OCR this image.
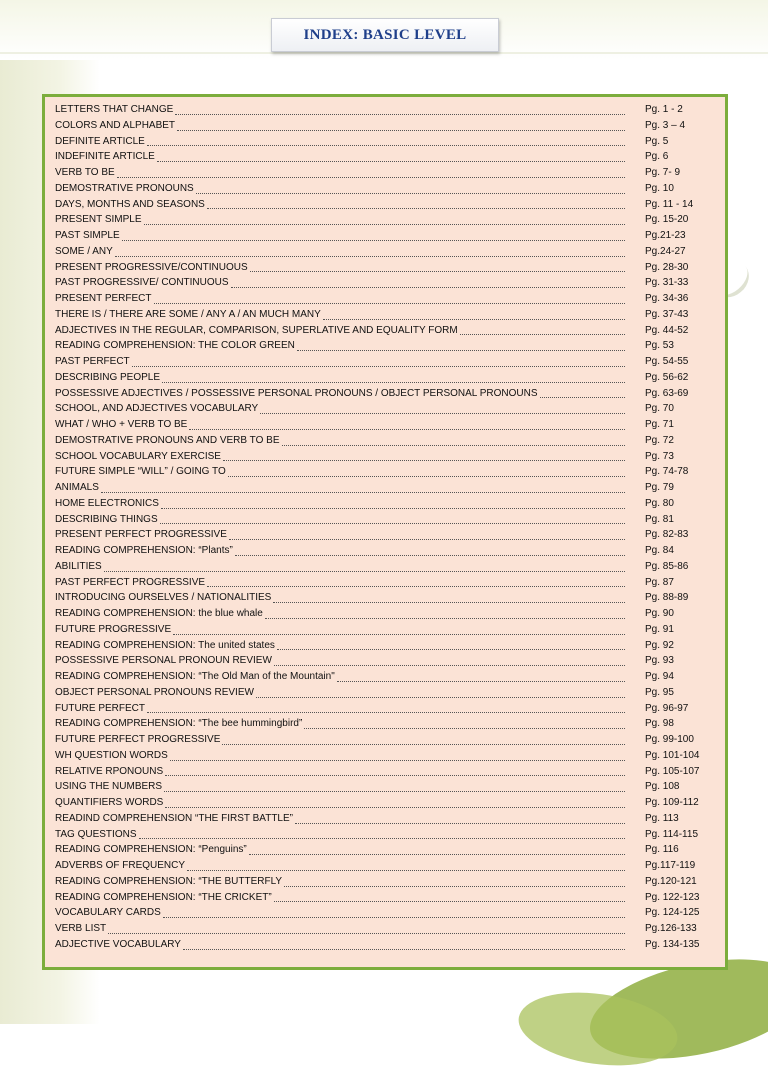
INDEX: BASIC LEVEL
LETTERS THAT CHANGE	Pg. 1 - 2
COLORS AND ALPHABET	Pg. 3 – 4
DEFINITE ARTICLE	Pg. 5
INDEFINITE ARTICLE	Pg. 6
VERB TO BE	Pg. 7- 9
DEMOSTRATIVE PRONOUNS	Pg. 10
DAYS, MONTHS AND SEASONS	Pg. 11 - 14
PRESENT SIMPLE	Pg. 15-20
PAST SIMPLE	Pg.21-23
SOME / ANY	Pg.24-27
PRESENT PROGRESSIVE/CONTINUOUS	Pg. 28-30
PAST PROGRESSIVE/ CONTINUOUS	Pg. 31-33
PRESENT PERFECT	Pg. 34-36
THERE IS / THERE ARE SOME / ANY A / AN MUCH MANY	Pg. 37-43
ADJECTIVES IN THE REGULAR, COMPARISON, SUPERLATIVE AND EQUALITY FORM	Pg. 44-52
READING COMPREHENSION: THE COLOR GREEN	Pg. 53
PAST PERFECT	Pg. 54-55
DESCRIBING PEOPLE	Pg. 56-62
POSSESSIVE ADJECTIVES / POSSESSIVE PERSONAL PRONOUNS / OBJECT PERSONAL PRONOUNS	Pg. 63-69
SCHOOL, AND ADJECTIVES VOCABULARY	Pg. 70
WHAT / WHO + VERB TO BE	Pg. 71
DEMOSTRATIVE PRONOUNS AND VERB TO BE	Pg. 72
SCHOOL VOCABULARY EXERCISE	Pg. 73
FUTURE SIMPLE “WILL” / GOING TO	Pg. 74-78
ANIMALS	Pg. 79
HOME ELECTRONICS	Pg. 80
DESCRIBING THINGS	Pg. 81
PRESENT PERFECT PROGRESSIVE	Pg. 82-83
READING COMPREHENSION: “Plants”	Pg. 84
ABILITIES	Pg. 85-86
PAST PERFECT PROGRESSIVE	Pg. 87
INTRODUCING OURSELVES / NATIONALITIES	Pg. 88-89
READING COMPREHENSION: the blue whale	Pg. 90
FUTURE PROGRESSIVE	Pg. 91
READING COMPREHENSION: The united states	Pg. 92
POSSESSIVE PERSONAL PRONOUN REVIEW	Pg. 93
READING COMPREHENSION: “The Old Man of the Mountain"	Pg. 94
OBJECT PERSONAL PRONOUNS REVIEW	Pg. 95
FUTURE PERFECT	Pg. 96-97
READING COMPREHENSION: “The bee hummingbird”	Pg. 98
FUTURE PERFECT PROGRESSIVE	Pg. 99-100
WH QUESTION WORDS	Pg. 101-104
RELATIVE RPONOUNS	Pg. 105-107
USING THE NUMBERS	Pg. 108
QUANTIFIERS WORDS	Pg. 109-112
READIND COMPREHENSION “THE FIRST BATTLE”	Pg. 113
TAG QUESTIONS	Pg. 114-115
READING COMPREHENSION: “Penguins”	Pg. 116
ADVERBS OF FREQUENCY	Pg.117-119
READING COMPREHENSION: “THE BUTTERFLY	Pg.120-121
READING COMPREHENSION: “THE CRICKET”	Pg. 122-123
VOCABULARY CARDS	Pg. 124-125
VERB LIST	Pg.126-133
ADJECTIVE VOCABULARY	Pg. 134-135
